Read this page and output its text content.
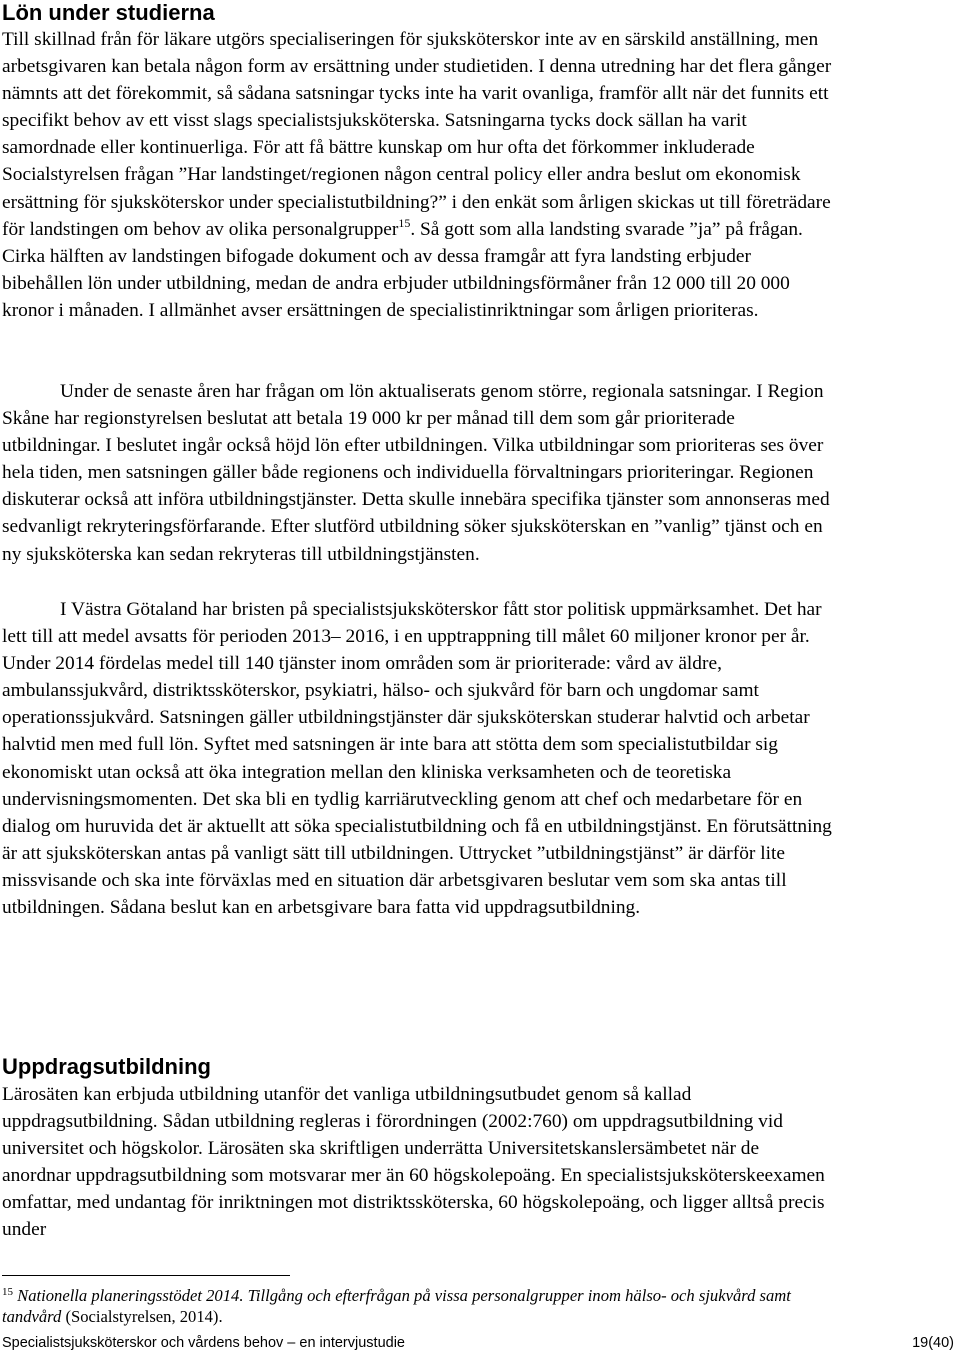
Lön under studierna

Till skillnad från för läkare utgörs specialiseringen för sjuksköterskor inte av en särskild anställning, men arbetsgivaren kan betala någon form av ersättning under studietiden. I denna utredning har det flera gånger nämnts att det förekommit, så sådana satsningar tycks inte ha varit ovanliga, framför allt när det funnits ett specifikt behov av ett visst slags specialistsjuksköterska. Satsningarna tycks dock sällan ha varit samordnade eller kontinuerliga. För att få bättre kunskap om hur ofta det förkommer inkluderade Socialstyrelsen frågan ”Har landstinget/regionen någon central policy eller andra beslut om ekonomisk ersättning för sjuksköterskor under specialistutbildning?” i den enkät som årligen skickas ut till företrädare för landstingen om behov av olika personalgrupper$^{15}$. Så gott som alla landsting svarade ”ja” på frågan. Cirka hälften av landstingen bifogade dokument och av dessa framgår att fyra landsting erbjuder bibehållen lön under utbildning, medan de andra erbjuder utbildningsförmåner från 12 000 till 20 000 kronor i månaden. I allmänhet avser ersättningen de specialistinriktningar som årligen prioriteras.

Under de senaste åren har frågan om lön aktualiserats genom större, regionala satsningar. I Region Skåne har regionstyrelsen beslutat att betala 19 000 kr per månad till dem som går prioriterade utbildningar. I beslutet ingår också höjd lön efter utbildningen. Vilka utbildningar som prioriteras ses över hela tiden, men satsningen gäller både regionens och individuella förvaltningars prioriteringar. Regionen diskuterar också att införa utbildningstjänster. Detta skulle innebära specifika tjänster som annonseras med sedvanligt rekryteringsförfarande. Efter slutförd utbildning söker sjuksköterskan en ”vanlig” tjänst och en ny sjuksköterska kan sedan rekryteras till utbildningstjänsten.

I Västra Götaland har bristen på specialistsjuksköterskor fått stor politisk uppmärksamhet. Det har lett till att medel avsatts för perioden 2013– 2016, i en upptrappning till målet 60 miljoner kronor per år. Under 2014 fördelas medel till 140 tjänster inom områden som är prioriterade: vård av äldre, ambulanssjukvård, distriktssköterskor, psykiatri, hälso- och sjukvård för barn och ungdomar samt operationssjukvård. Satsningen gäller utbildningstjänster där sjuksköterskan studerar halvtid och arbetar halvtid men med full lön. Syftet med satsningen är inte bara att stötta dem som specialistutbildar sig ekonomiskt utan också att öka integration mellan den kliniska verksamheten och de teoretiska undervisningsmomenten. Det ska bli en tydlig karriärutveckling genom att chef och medarbetare för en dialog om huruvida det är aktuellt att söka specialistutbildning och få en utbildningstjänst. En förutsättning är att sjuksköterskan antas på vanligt sätt till utbildningen. Uttrycket ”utbildningstjänst” är därför lite missvisande och ska inte förväxlas med en situation där arbetsgivaren beslutar vem som ska antas till utbildningen. Sådana beslut kan en arbetsgivare bara fatta vid uppdragsutbildning.

Uppdragsutbildning

Lärosäten kan erbjuda utbildning utanför det vanliga utbildningsutbudet genom så kallad uppdragsutbildning. Sådan utbildning regleras i förordningen (2002:760) om uppdragsutbildning vid universitet och högskolor. Lärosäten ska skriftligen underrätta Universitetskanslersämbetet när de anordnar uppdragsutbildning som motsvarar mer än 60 högskolepoäng. En specialistsjuksköterskeexamen omfattar, med undantag för inriktningen mot distriktssköterska, 60 högskolepoäng, och ligger alltså precis under

$^{15}$ Nationella planeringsstödet 2014. Tillgång och efterfrågan på vissa personalgrupper inom hälso- och sjukvård samt tandvård (Socialstyrelsen, 2014).

Specialistsjuksköterskor och vårdens behov – en intervjustudie	19(40)
